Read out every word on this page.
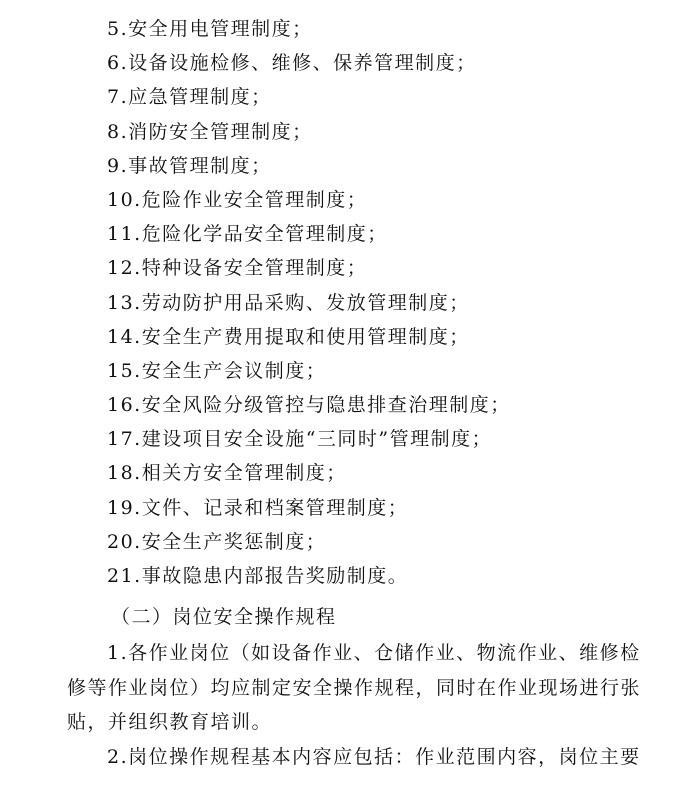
5.安全用电管理制度；
6.设备设施检修、维修、保养管理制度；
7.应急管理制度；
8.消防安全管理制度；
9.事故管理制度；
10.危险作业安全管理制度；
11.危险化学品安全管理制度；
12.特种设备安全管理制度；
13.劳动防护用品采购、发放管理制度；
14.安全生产费用提取和使用管理制度；
15.安全生产会议制度；
16.安全风险分级管控与隐患排查治理制度；
17.建设项目安全设施“三同时”管理制度；
18.相关方安全管理制度；
19.文件、记录和档案管理制度；
20.安全生产奖惩制度；
21.事故隐患内部报告奖励制度。
（二）岗位安全操作规程
1.各作业岗位（如设备作业、仓储作业、物流作业、维修检
修等作业岗位）均应制定安全操作规程，同时在作业现场进行张
贴，并组织教育培训。
2.岗位操作规程基本内容应包括：作业范围内容，岗位主要
